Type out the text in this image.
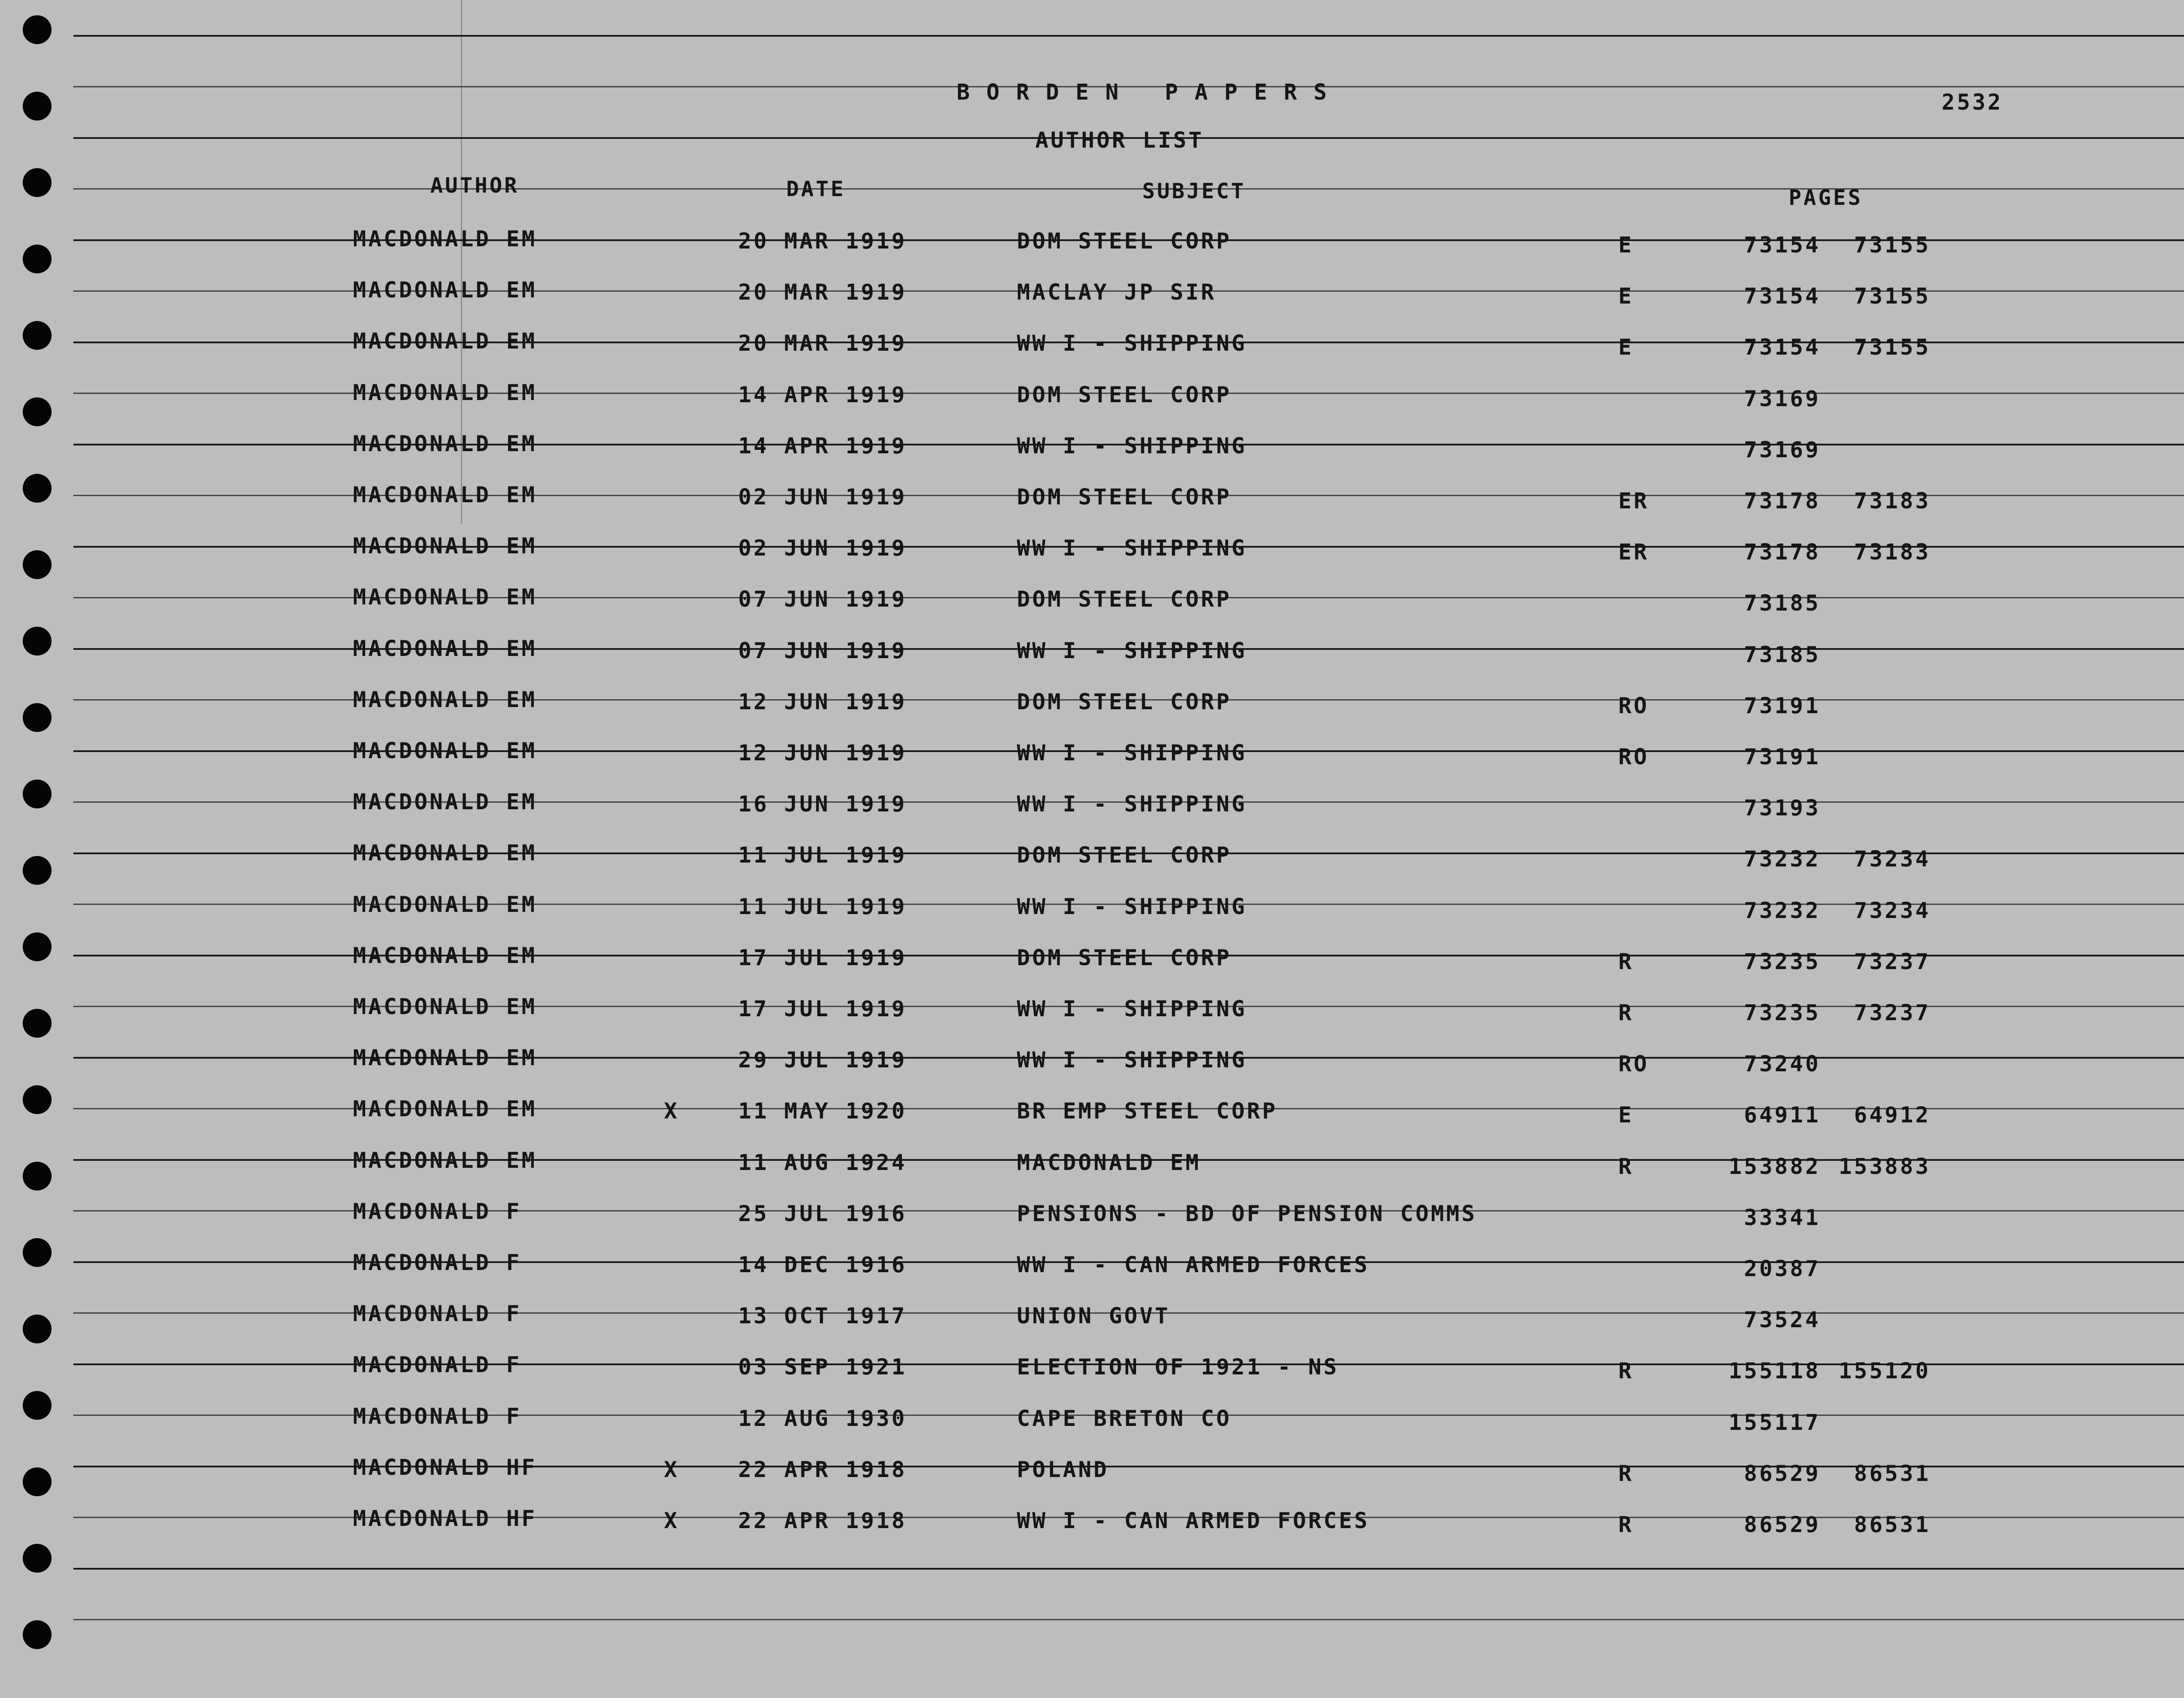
BORDEN PAPERS	2532
AUTHOR LIST
AUTHOR	DATE	SUBJECT	PAGES
MACDONALD EM	20 MAR 1919	DOM STEEL CORP	E	73154	73155
MACDONALD EM	20 MAR 1919	MACLAY JP SIR	E	73154	73155
MACDONALD EM	20 MAR 1919	WW I - SHIPPING	E	73154	73155
MACDONALD EM	14 APR 1919	DOM STEEL CORP	73169
MACDONALD EM	14 APR 1919	WW I - SHIPPING	73169
MACDONALD EM	02 JUN 1919	DOM STEEL CORP	ER	73178	73183
MACDONALD EM	02 JUN 1919	WW I - SHIPPING	ER	73178	73183
MACDONALD EM	07 JUN 1919	DOM STEEL CORP	73185
MACDONALD EM	07 JUN 1919	WW I - SHIPPING	73185
MACDONALD EM	12 JUN 1919	DOM STEEL CORP	RO	73191
MACDONALD EM	12 JUN 1919	WW I - SHIPPING	RO	73191
MACDONALD EM	16 JUN 1919	WW I - SHIPPING	73193
MACDONALD EM	11 JUL 1919	DOM STEEL CORP	73232	73234
MACDONALD EM	11 JUL 1919	WW I - SHIPPING	73232	73234
MACDONALD EM	17 JUL 1919	DOM STEEL CORP	R	73235	73237
MACDONALD EM	17 JUL 1919	WW I - SHIPPING	R	73235	73237
MACDONALD EM	29 JUL 1919	WW I - SHIPPING	RO	73240
MACDONALD EM	X	11 MAY 1920	BR EMP STEEL CORP	E	64911	64912
MACDONALD EM	11 AUG 1924	MACDONALD EM	R	153882 153883
MACDONALD F	25 JUL 1916	PENSIONS - BD OF PENSION COMMS	33341
MACDONALD F	14 DEC 1916	WW I - CAN ARMED FORCES	20387
MACDONALD F	13 OCT 1917	UNION GOVT	73524
MACDONALD F	03 SEP 1921	ELECTION OF 1921 - NS	R	155118 155120
MACDONALD F	12 AUG 1930	CAPE BRETON CO	155117
MACDONALD HF	X	22 APR 1918	POLAND	R	86529	86531
MACDONALD HF	X	22 APR 1918	WW I - CAN ARMED FORCES	R	86529	86531
